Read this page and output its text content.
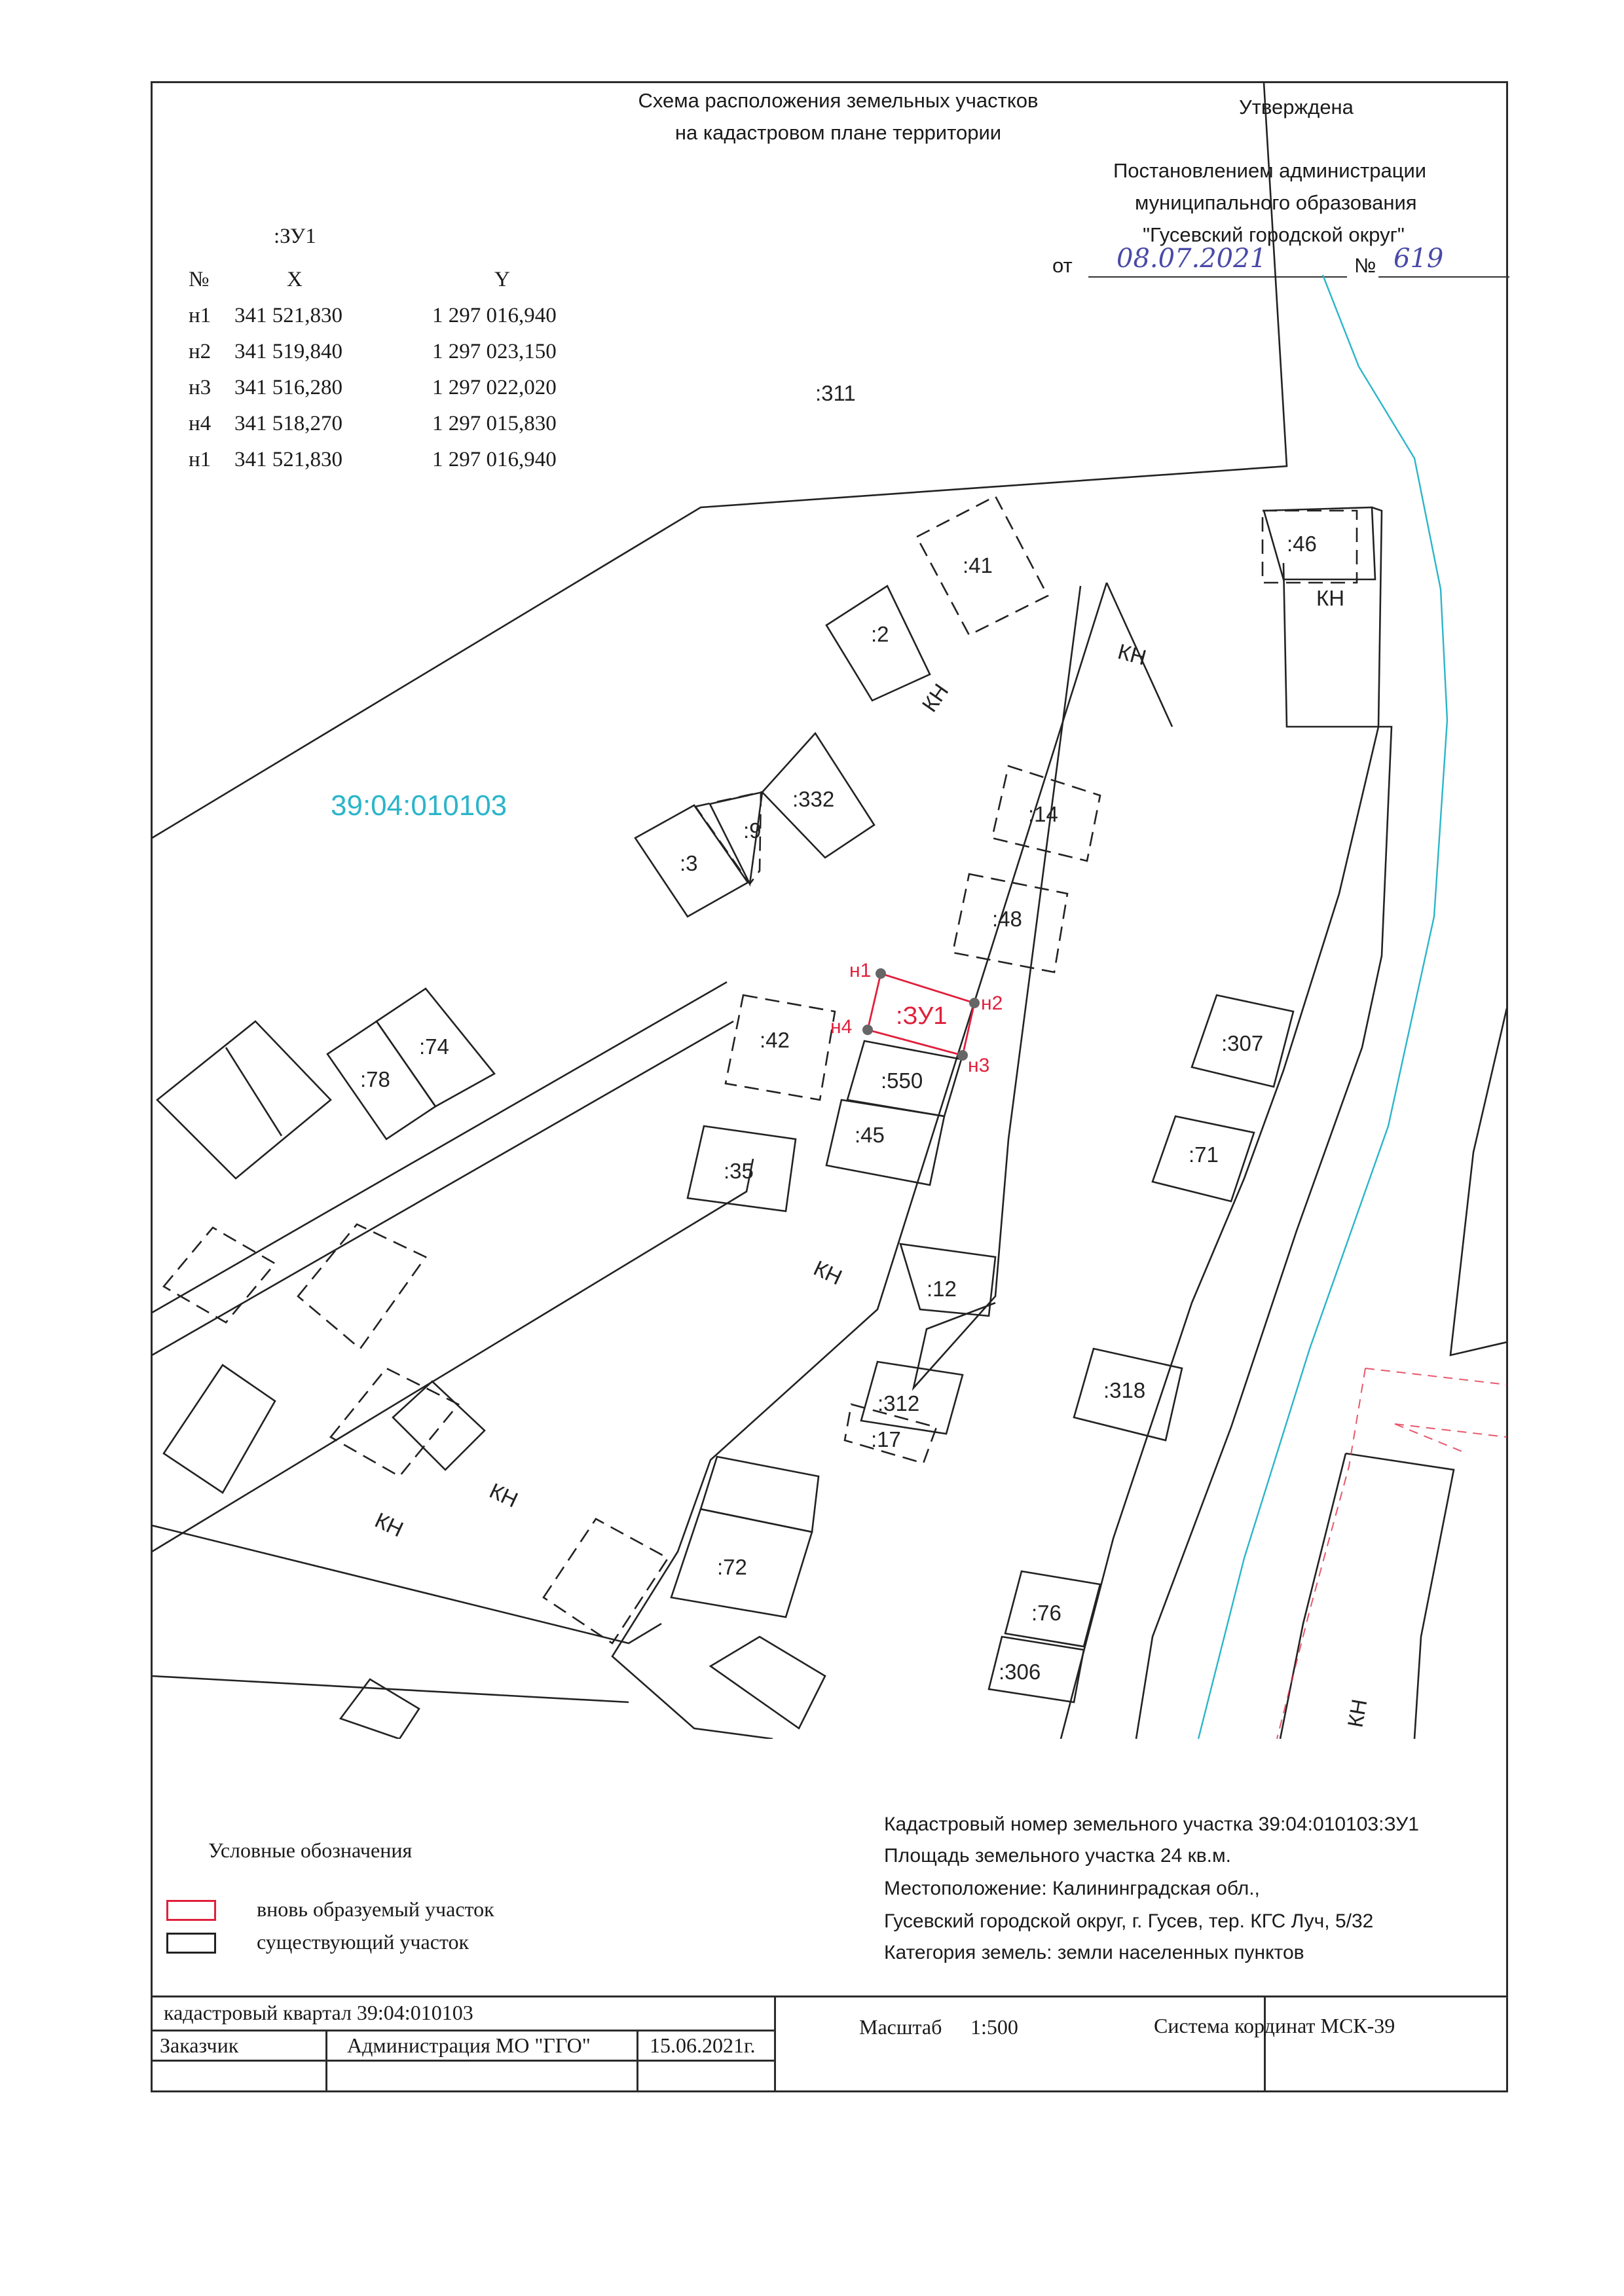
Схема расположения земельных участков
на кадастровом плане территории
Утверждена
Постановлением администрации
муниципального образования
"Гусевский городской округ"
от 08.07.2021	№ 619
:ЗУ1
№	X	Y
н1	341 521,830	1 297 016,940
н2	341 519,840	1 297 023,150
н3	341 516,280	1 297 022,020
н4	341 518,270	1 297 015,830
н1	341 521,830	1 297 016,940
39:04:010103
:311
:41
:2
:46
:14
:48
:332
:9
:3
:42
:550
:45
:35
:307
:71
:12
:312
:17
:318
:72
:76
:306
:74
:78
КН
КН
КН
КН
КН
КН
КН
:ЗУ1
н1
н2
н3
н4
Кадастровый номер земельного участка 39:04:010103:ЗУ1
Площадь земельного участка 24 кв.м.
Местоположение: Калининградская обл.,
Гусевский городской округ, г. Гусев, тер. КГС Луч, 5/32
Категория земель: земли населенных пунктов
Условные обозначения
вновь образуемый участок
существующий участок
кадастровый квартал 39:04:010103
Заказчик	Администрация МО "ГГО"	15.06.2021г.
Масштаб 1:500	Система кординат МСК-39
